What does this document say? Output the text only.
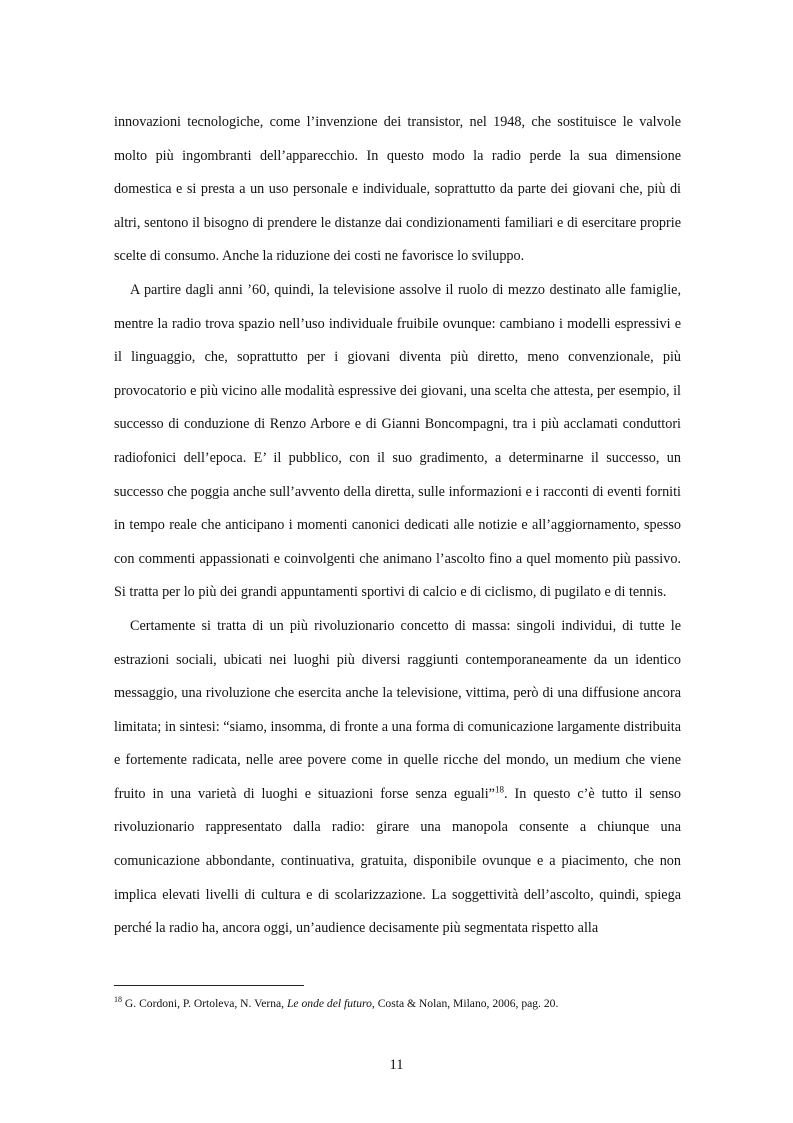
innovazioni tecnologiche, come l’invenzione dei transistor, nel 1948, che sostituisce le valvole molto più ingombranti dell’apparecchio. In questo modo la radio perde la sua dimensione domestica e si presta a un uso personale e individuale, soprattutto da parte dei giovani che, più di altri, sentono il bisogno di prendere le distanze dai condizionamenti familiari e di esercitare proprie scelte di consumo. Anche la riduzione dei costi ne favorisce lo sviluppo.

A partire dagli anni ’60, quindi, la televisione assolve il ruolo di mezzo destinato alle famiglie, mentre la radio trova spazio nell’uso individuale fruibile ovunque: cambiano i modelli espressivi e il linguaggio, che, soprattutto per i giovani diventa più diretto, meno convenzionale, più provocatorio e più vicino alle modalità espressive dei giovani, una scelta che attesta, per esempio, il successo di conduzione di Renzo Arbore e di Gianni Boncompagni, tra i più acclamati conduttori radiofonici dell’epoca. E’ il pubblico, con il suo gradimento, a determinarne il successo, un successo che poggia anche sull’avvento della diretta, sulle informazioni e i racconti di eventi forniti in tempo reale che anticipano i momenti canonici dedicati alle notizie e all’aggiornamento, spesso con commenti appassionati e coinvolgenti che animano l’ascolto fino a quel momento più passivo. Si tratta per lo più dei grandi appuntamenti sportivi di calcio e di ciclismo, di pugilato e di tennis.

Certamente si tratta di un più rivoluzionario concetto di massa: singoli individui, di tutte le estrazioni sociali, ubicati nei luoghi più diversi raggiunti contemporaneamente da un identico messaggio, una rivoluzione che esercita anche la televisione, vittima, però di una diffusione ancora limitata; in sintesi: “siamo, insomma, di fronte a una forma di comunicazione largamente distribuita e fortemente radicata, nelle aree povere come in quelle ricche del mondo, un medium che viene fruito in una varietà di luoghi e situazioni forse senza eguali”$^{18}$. In questo c’è tutto il senso rivoluzionario rappresentato dalla radio: girare una manopola consente a chiunque una comunicazione abbondante, continuativa, gratuita, disponibile ovunque e a piacimento, che non implica elevati livelli di cultura e di scolarizzazione. La soggettività dell’ascolto, quindi, spiega perché la radio ha, ancora oggi, un’audience decisamente più segmentata rispetto alla

$^{18}$ G. Cordoni, P. Ortoleva, N. Verna, Le onde del futuro, Costa & Nolan, Milano, 2006, pag. 20.
11
